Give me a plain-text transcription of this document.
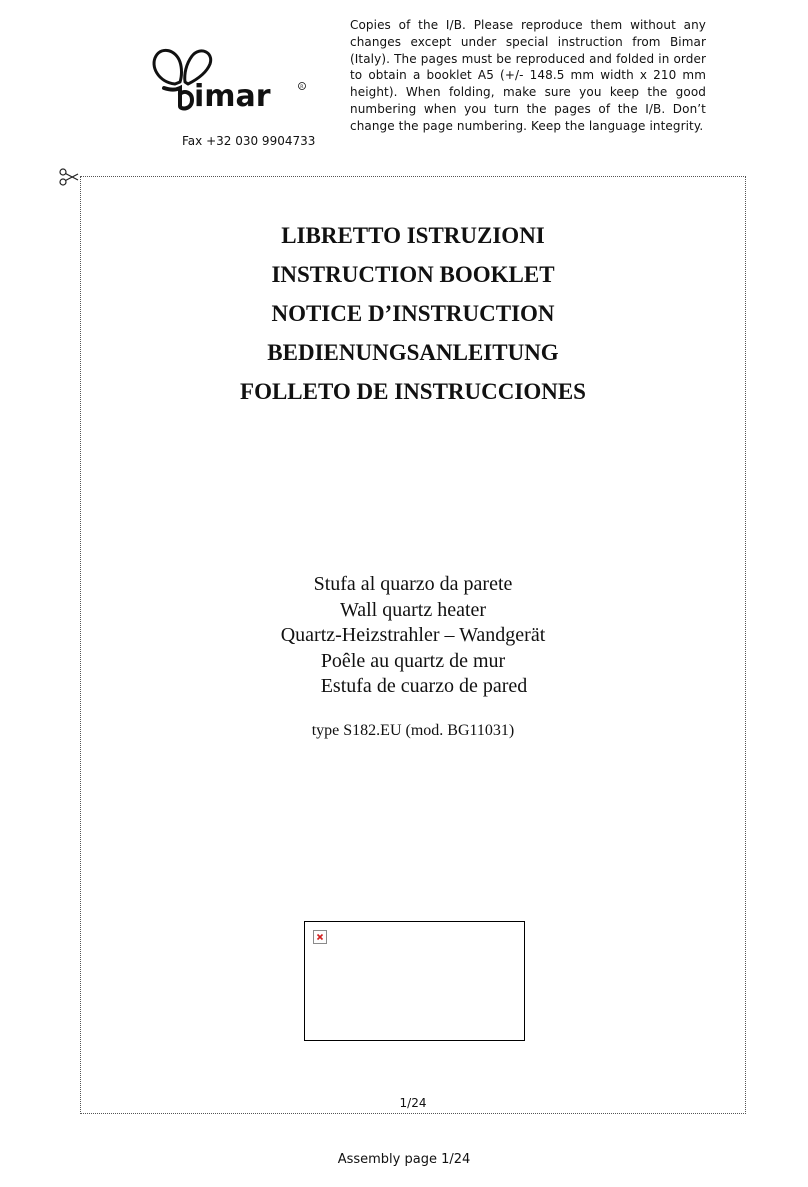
imar	R
Fax +32 030 9904733
Copies of the I/B. Please reproduce them without any changes except under special instruction from Bimar (Italy). The pages must be reproduced and folded in order to obtain a booklet A5 (+/- 148.5 mm width x 210 mm height). When folding, make sure you keep the good numbering when you turn the pages of the I/B. Don’t change the page numbering. Keep the language integrity.
LIBRETTO ISTRUZIONI
INSTRUCTION BOOKLET
NOTICE D’INSTRUCTION
BEDIENUNGSANLEITUNG
FOLLETO DE INSTRUCCIONES
Stufa al quarzo da parete
Wall quartz heater
Quartz-Heizstrahler – Wandgerät
Poêle au quartz de mur
Estufa de cuarzo de pared
type S182.EU (mod. BG11031)
1/24
Assembly page 1/24
